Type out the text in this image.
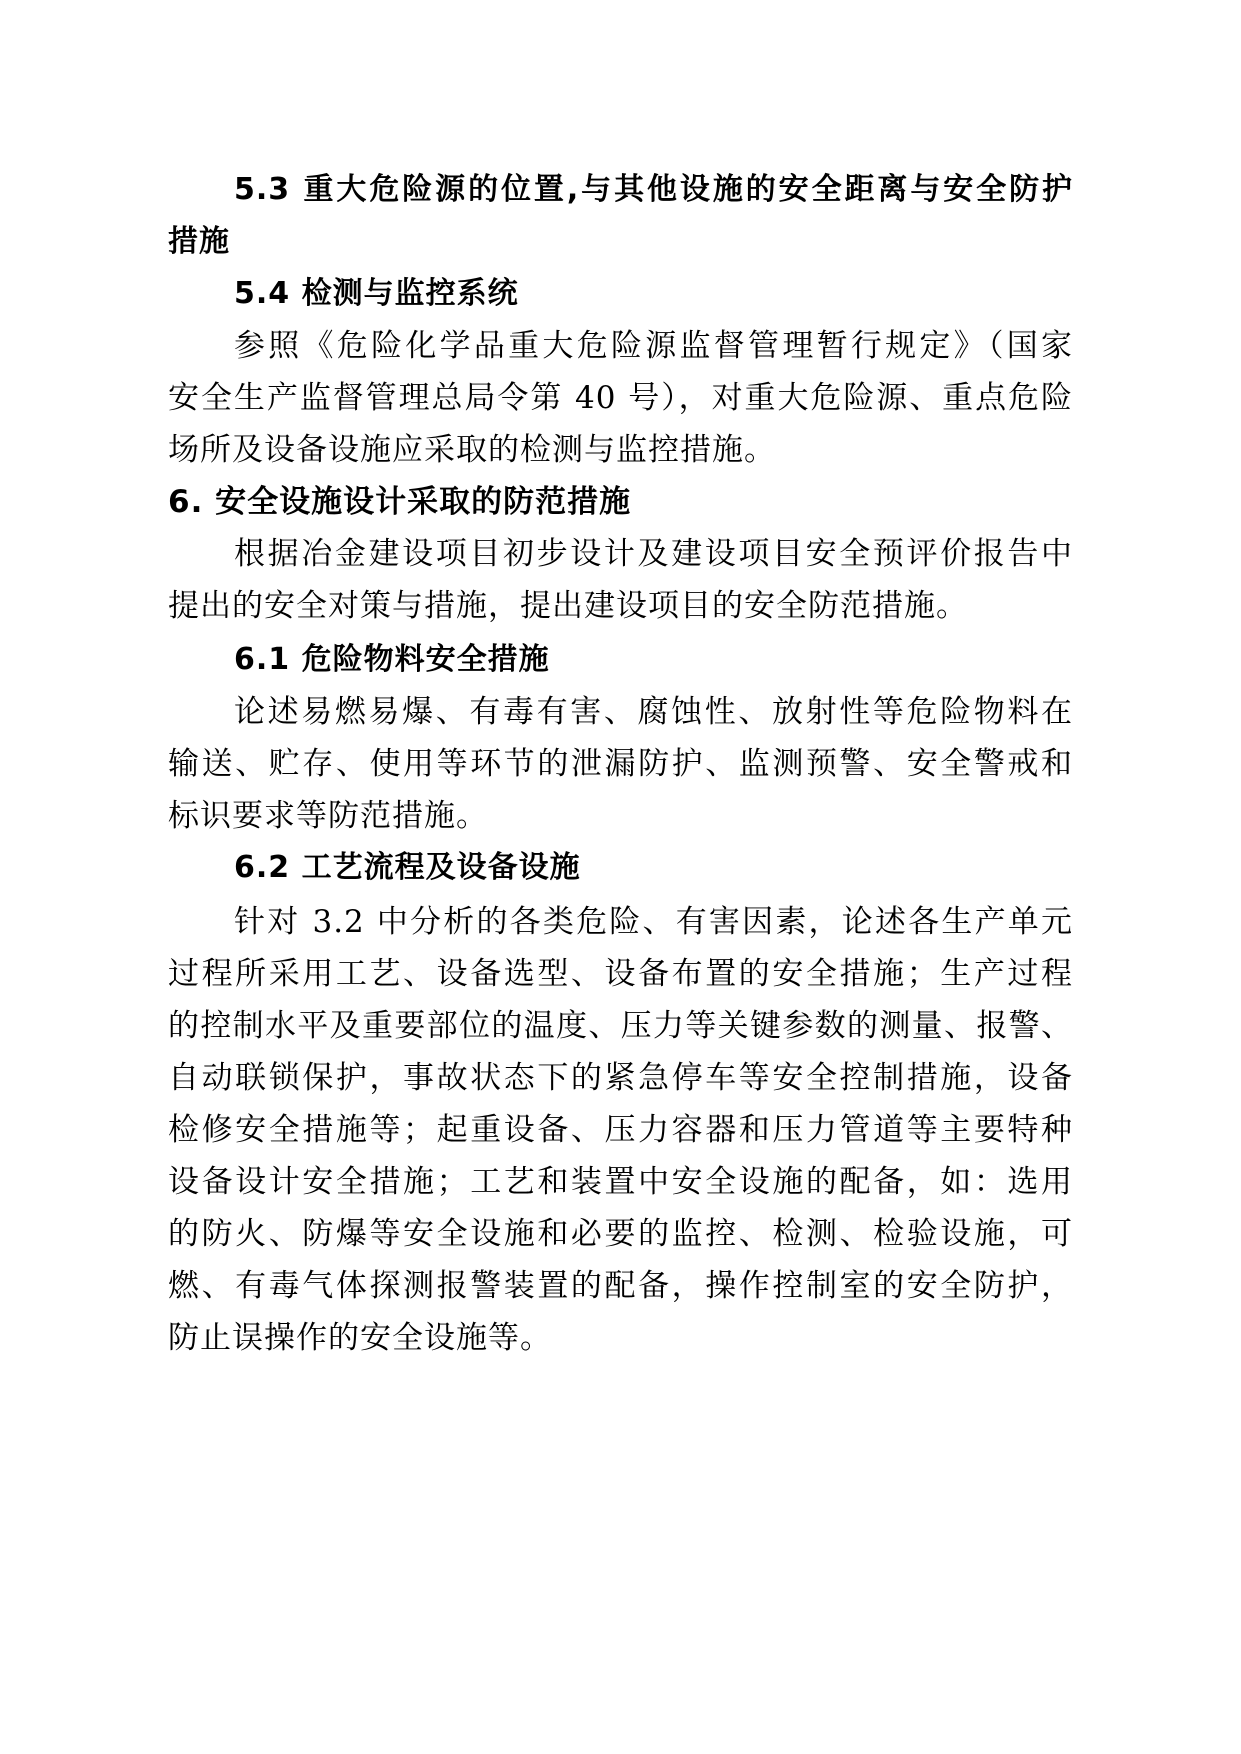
5.3 重大危险源的位置,与其他设施的安全距离与安全防护
措施
5.4 检测与监控系统
参照《危险化学品重大危险源监督管理暂行规定》（国家
安全生产监督管理总局令第 40 号），对重大危险源、重点危险
场所及设备设施应采取的检测与监控措施。
6. 安全设施设计采取的防范措施
根据冶金建设项目初步设计及建设项目安全预评价报告中
提出的安全对策与措施，提出建设项目的安全防范措施。
6.1 危险物料安全措施
论述易燃易爆、有毒有害、腐蚀性、放射性等危险物料在
输送、贮存、使用等环节的泄漏防护、监测预警、安全警戒和
标识要求等防范措施。
6.2 工艺流程及设备设施
针对 3.2 中分析的各类危险、有害因素，论述各生产单元
过程所采用工艺、设备选型、设备布置的安全措施；生产过程
的控制水平及重要部位的温度、压力等关键参数的测量、报警、
自动联锁保护，事故状态下的紧急停车等安全控制措施，设备
检修安全措施等；起重设备、压力容器和压力管道等主要特种
设备设计安全措施；工艺和装置中安全设施的配备，如：选用
的防火、防爆等安全设施和必要的监控、检测、检验设施，可
燃、有毒气体探测报警装置的配备，操作控制室的安全防护，
防止误操作的安全设施等。
